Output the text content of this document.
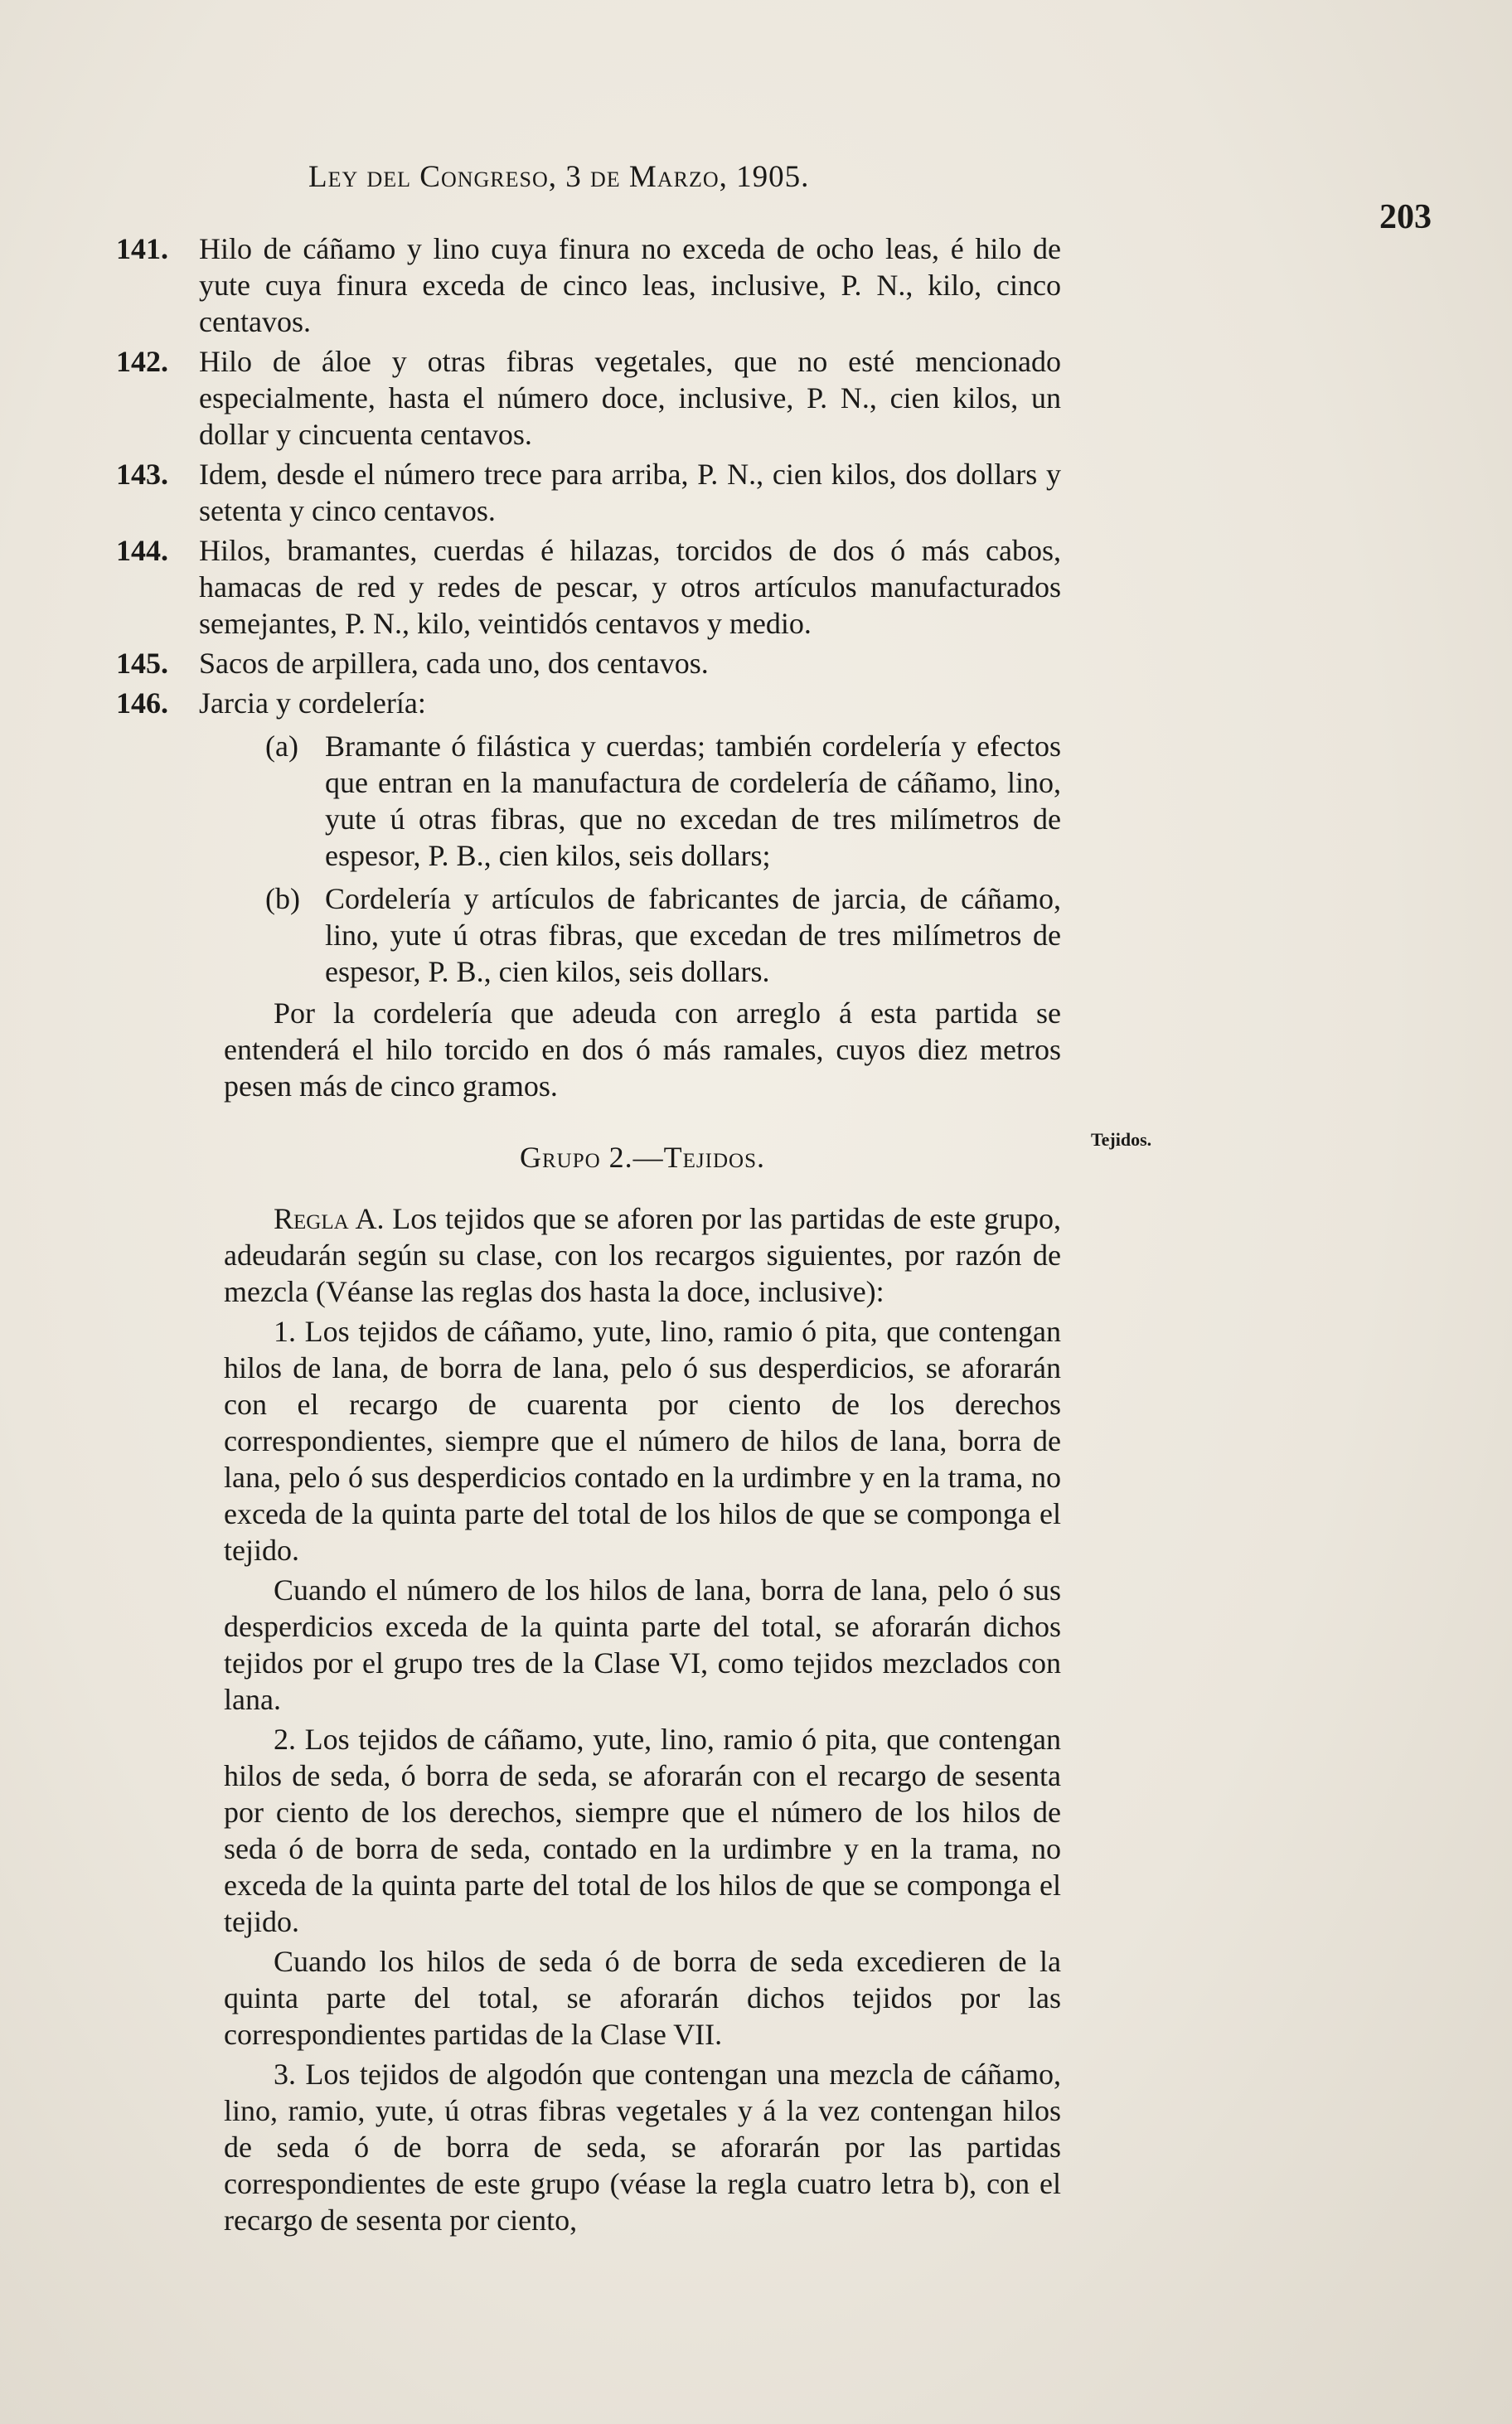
Ley del Congreso, 3 de Marzo, 1905.
203
Tejidos.
141.	Hilo de cáñamo y lino cuya finura no exceda de ocho leas, é hilo de yute cuya finura exceda de cinco leas, inclusive, P. N., kilo, cinco centavos.
142.	Hilo de áloe y otras fibras vegetales, que no esté mencionado especialmente, hasta el número doce, inclusive, P. N., cien kilos, un dollar y cincuenta centavos.
143.	Idem, desde el número trece para arriba, P. N., cien kilos, dos dollars y setenta y cinco centavos.
144.	Hilos, bramantes, cuerdas é hilazas, torcidos de dos ó más cabos, hamacas de red y redes de pescar, y otros artículos manufacturados semejantes, P. N., kilo, veintidós centavos y medio.
145.	Sacos de arpillera, cada uno, dos centavos.
146.	Jarcia y cordelería:
(a) Bramante ó filástica y cuerdas; también cordelería y efectos que entran en la manufactura de cordelería de cáñamo, lino, yute ú otras fibras, que no excedan de tres milímetros de espesor, P. B., cien kilos, seis dollars;
(b) Cordelería y artículos de fabricantes de jarcia, de cáñamo, lino, yute ú otras fibras, que excedan de tres milímetros de espesor, P. B., cien kilos, seis dollars.

Por la cordelería que adeuda con arreglo á esta partida se entenderá el hilo torcido en dos ó más ramales, cuyos diez metros pesen más de cinco gramos.

Grupo 2.—Tejidos.

Regla A. Los tejidos que se aforen por las partidas de este grupo, adeudarán según su clase, con los recargos siguientes, por razón de mezcla (Véanse las reglas dos hasta la doce, inclusive):

1. Los tejidos de cáñamo, yute, lino, ramio ó pita, que contengan hilos de lana, de borra de lana, pelo ó sus desperdicios, se aforarán con el recargo de cuarenta por ciento de los derechos correspondientes, siempre que el número de hilos de lana, borra de lana, pelo ó sus desperdicios contado en la urdimbre y en la trama, no exceda de la quinta parte del total de los hilos de que se componga el tejido.

Cuando el número de los hilos de lana, borra de lana, pelo ó sus desperdicios exceda de la quinta parte del total, se aforarán dichos tejidos por el grupo tres de la Clase VI, como tejidos mezclados con lana.

2. Los tejidos de cáñamo, yute, lino, ramio ó pita, que contengan hilos de seda, ó borra de seda, se aforarán con el recargo de sesenta por ciento de los derechos, siempre que el número de los hilos de seda ó de borra de seda, contado en la urdimbre y en la trama, no exceda de la quinta parte del total de los hilos de que se componga el tejido.

Cuando los hilos de seda ó de borra de seda excedieren de la quinta parte del total, se aforarán dichos tejidos por las correspondientes partidas de la Clase VII.

3. Los tejidos de algodón que contengan una mezcla de cáñamo, lino, ramio, yute, ú otras fibras vegetales y á la vez contengan hilos de seda ó de borra de seda, se aforarán por las partidas correspondientes de este grupo (véase la regla cuatro letra b), con el recargo de sesenta por ciento,
